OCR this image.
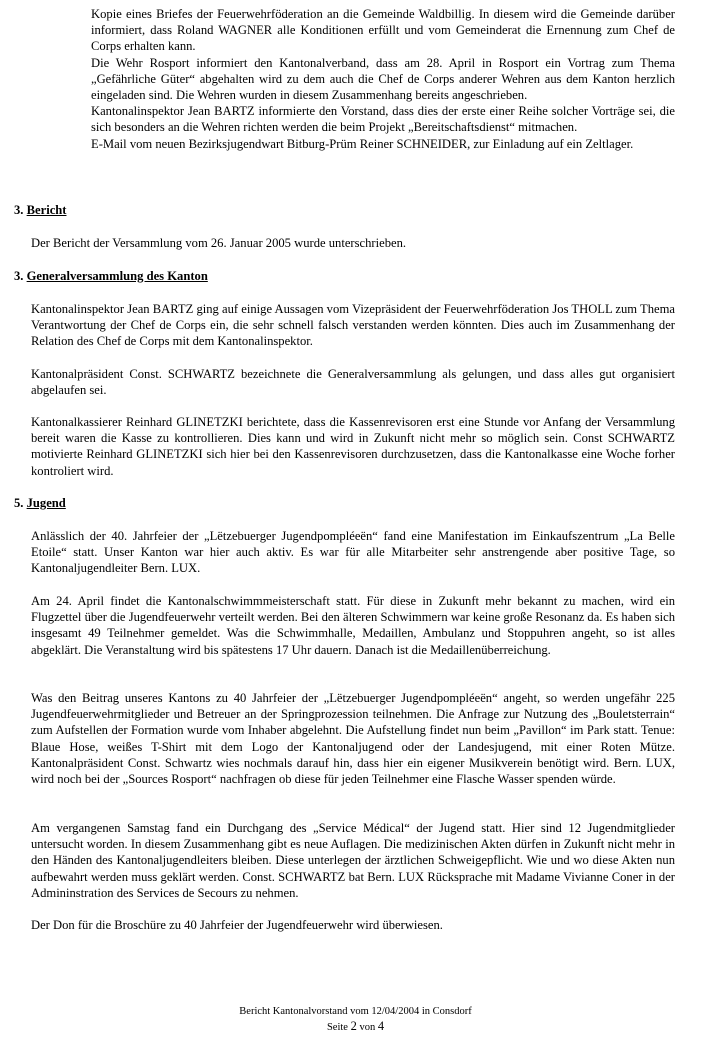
Kopie eines Briefes der Feuerwehrföderation an die Gemeinde Waldbillig. In diesem wird die Gemeinde darüber informiert, dass Roland WAGNER alle Konditionen erfüllt und vom Gemeinderat die Ernennung zum Chef de Corps erhalten kann.

Die Wehr Rosport informiert den Kantonalverband, dass am 28. April in Rosport ein Vortrag zum Thema „Gefährliche Güter“ abgehalten wird zu dem auch die Chef de Corps anderer Wehren aus dem Kanton herzlich eingeladen sind. Die Wehren wurden in diesem Zusammenhang bereits angeschrieben.

Kantonalinspektor Jean BARTZ informierte den Vorstand, dass dies der erste einer Reihe solcher Vorträge sei, die sich besonders an die Wehren richten werden die beim Projekt „Bereitschaftsdienst“ mitmachen.

E-Mail vom neuen Bezirksjugendwart Bitburg-Prüm Reiner SCHNEIDER, zur Einladung auf ein Zeltlager.

3. Bericht
Der Bericht der Versammlung vom 26. Januar 2005 wurde unterschrieben.
3. Generalversammlung des Kanton
Kantonalinspektor Jean BARTZ ging auf einige Aussagen vom Vizepräsident der Feuerwehrföderation Jos THOLL zum Thema Verantwortung der Chef de Corps ein, die sehr schnell falsch verstanden werden könnten. Dies auch im Zusammenhang der Relation des Chef de Corps mit dem Kantonalinspektor.
Kantonalpräsident Const. SCHWARTZ bezeichnete die Generalversammlung als gelungen, und dass alles gut organisiert abgelaufen sei.
Kantonalkassierer Reinhard GLINETZKI berichtete, dass die Kassenrevisoren erst eine Stunde vor Anfang der Versammlung bereit waren die Kasse zu kontrollieren. Dies kann und wird in Zukunft nicht mehr so möglich sein. Const SCHWARTZ motivierte Reinhard GLINETZKI sich hier bei den Kassenrevisoren durchzusetzen, dass die Kantonalkasse eine Woche forher kontroliert wird.
5. Jugend
Anlässlich der 40. Jahrfeier der „Lëtzebuerger Jugendpompléeën“ fand eine Manifestation im Einkaufszentrum „La Belle Etoile“ statt. Unser Kanton war hier auch aktiv. Es war für alle Mitarbeiter sehr anstrengende aber positive Tage, so Kantonaljugendleiter Bern. LUX.
Am 24. April findet die Kantonalschwimmmeisterschaft statt. Für diese in Zukunft mehr bekannt zu machen, wird ein Flugzettel über die Jugendfeuerwehr verteilt werden. Bei den älteren Schwimmern war keine große Resonanz da. Es haben sich insgesamt 49 Teilnehmer gemeldet. Was die Schwimmhalle, Medaillen, Ambulanz und Stoppuhren angeht, so ist alles abgeklärt. Die Veranstaltung wird bis spätestens 17 Uhr dauern. Danach ist die Medaillenüberreichung.
Was den Beitrag unseres Kantons zu 40 Jahrfeier der „Lëtzebuerger Jugendpompléeën“ angeht, so werden ungefähr 225 Jugendfeuerwehrmitglieder und Betreuer an der Springprozession teilnehmen. Die Anfrage zur Nutzung des „Bouletsterrain“ zum Aufstellen der Formation wurde vom Inhaber abgelehnt. Die Aufstellung findet nun beim „Pavillon“ im Park statt. Tenue: Blaue Hose, weißes T-Shirt mit dem Logo der Kantonaljugend oder der Landesjugend, mit einer Roten Mütze. Kantonalpräsident Const. Schwartz wies nochmals darauf hin, dass hier ein eigener Musikverein benötigt wird. Bern. LUX, wird noch bei der „Sources Rosport“ nachfragen ob diese für jeden Teilnehmer eine Flasche Wasser spenden würde.
Am vergangenen Samstag fand ein Durchgang des „Service Médical“ der Jugend statt. Hier sind 12 Jugendmitglieder untersucht worden. In diesem Zusammenhang gibt es neue Auflagen. Die medizinischen Akten dürfen in Zukunft nicht mehr in den Händen des Kantonaljugendleiters bleiben. Diese unterlegen der ärztlichen Schweigepflicht. Wie und wo diese Akten nun aufbewahrt werden muss geklärt werden. Const. SCHWARTZ bat Bern. LUX Rücksprache mit Madame Vivianne Coner in der Admininstration des Services de Secours zu nehmen.
Der Don für die Broschüre zu 40 Jahrfeier der Jugendfeuerwehr wird überwiesen.
Bericht Kantonalvorstand vom 12/04/2004 in Consdorf
Seite 2 von 4
